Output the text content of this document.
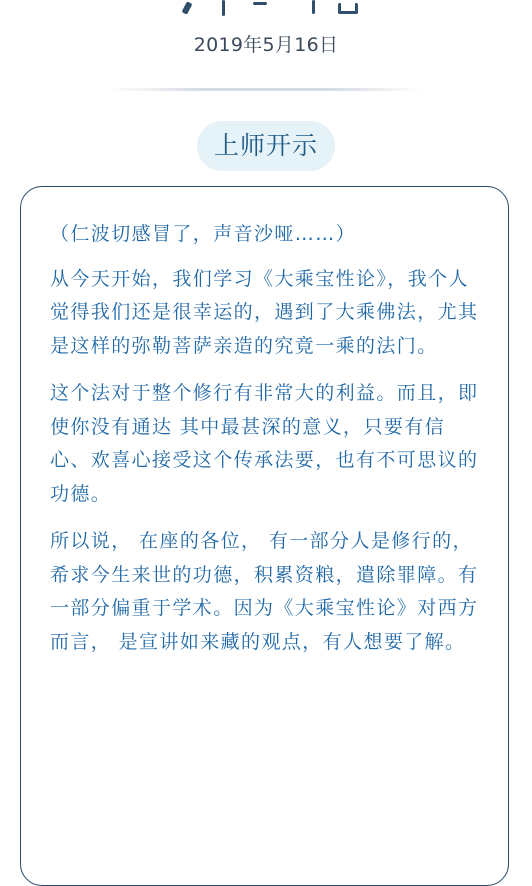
2019年5月16日
上师开示

（仁波切感冒了，声音沙哑……）

从今天开始，我们学习《大乘宝性论》，我个人觉得我们还是很幸运的，遇到了大乘佛法，尤其是这样的弥勒菩萨亲造的究竟一乘的法门。

这个法对于整个修行有非常大的利益。而且，即使你没有通达 其中最甚深的意义，只要有信心、欢喜心接受这个传承法要，也有不可思议的功德。

所以说， 在座的各位， 有一部分人是修行的，希求今生来世的功德，积累资粮，遣除罪障。有一部分偏重于学术。因为《大乘宝性论》对西方而言， 是宣讲如来藏的观点，有人想要了解。
